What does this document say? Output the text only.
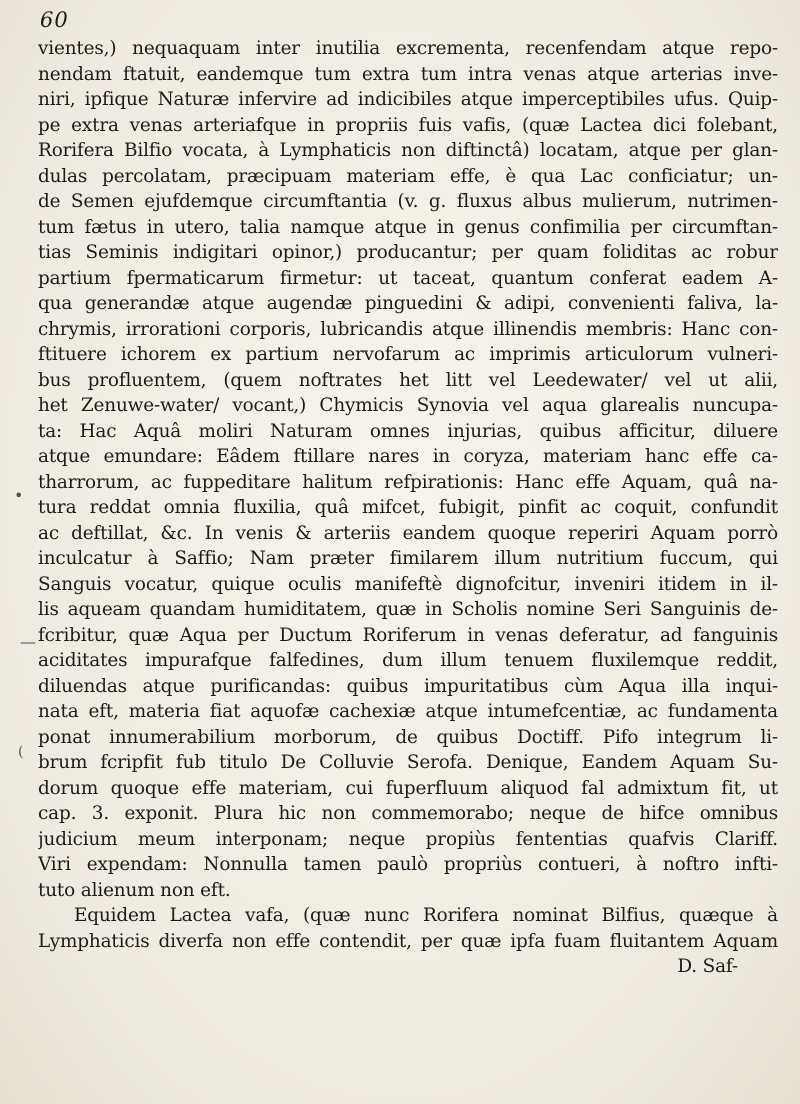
60
vientes,) nequaquam inter inutilia excrementa, recenfendam atque repo-
nendam ftatuit, eandemque tum extra tum intra venas atque arterias inve-
niri, ipfique Naturæ infervire ad indicibiles atque imperceptibiles ufus. Quip-
pe extra venas arteriafque in propriis fuis vafis, (quæ Lactea dici folebant,
Rorifera Bilfio vocata, à Lymphaticis non diftinctâ) locatam, atque per glan-
dulas percolatam, præcipuam materiam effe, è qua Lac conficiatur; un-
de Semen ejufdemque circumftantia (v. g. fluxus albus mulierum, nutrimen-
tum fætus in utero, talia namque atque in genus confimilia per circumftan-
tias Seminis indigitari opinor,) producantur; per quam foliditas ac robur
partium fpermaticarum firmetur: ut taceat, quantum conferat eadem A-
qua generandæ atque augendæ pinguedini & adipi, convenienti faliva, la-
chrymis, irrorationi corporis, lubricandis atque illinendis membris: Hanc con-
ftituere ichorem ex partium nervofarum ac imprimis articulorum vulneri-
bus profluentem, (quem noftrates het litt vel Leedewater/ vel ut alii,
het Zenuwe-water/ vocant,) Chymicis Synovia vel aqua glarealis nuncupa-
ta: Hac Aquâ moliri Naturam omnes injurias, quibus afficitur, diluere
atque emundare: Eâdem ftillare nares in coryza, materiam hanc effe ca-
tharrorum, ac fuppeditare halitum refpirationis: Hanc effe Aquam, quâ na-
tura reddat omnia fluxilia, quâ mifcet, fubigit, pinfit ac coquit, confundit
ac deftillat, &c. In venis & arteriis eandem quoque reperiri Aquam porrò
inculcatur à Saffio; Nam præter fimilarem illum nutritium fuccum, qui
Sanguis vocatur, quique oculis manifeftè dignofcitur, inveniri itidem in il-
lis aqueam quandam humiditatem, quæ in Scholis nomine Seri Sanguinis de-
fcribitur, quæ Aqua per Ductum Roriferum in venas deferatur, ad fanguinis
aciditates impurafque falfedines, dum illum tenuem fluxilemque reddit,
diluendas atque purificandas: quibus impuritatibus cùm Aqua illa inqui-
nata eft, materia fiat aquofæ cachexiæ atque intumefcentiæ, ac fundamenta
ponat innumerabilium morborum, de quibus Doctiff. Pifo integrum li-
brum fcripfit fub titulo De Colluvie Serofa. Denique, Eandem Aquam Su-
dorum quoque effe materiam, cui fuperfluum aliquod fal admixtum fit, ut
cap. 3. exponit. Plura hic non commemorabo; neque de hifce omnibus
judicium meum interponam; neque propiùs fententias quafvis Clariff.
Viri expendam: Nonnulla tamen paulò propriùs contueri, à noftro infti-
tuto alienum non eft.
Equidem Lactea vafa, (quæ nunc Rorifera nominat Bilfius, quæque à
Lymphaticis diverfa non effe contendit, per quæ ipfa fuam fluitantem Aquam
D. Saf-
•
—
(
